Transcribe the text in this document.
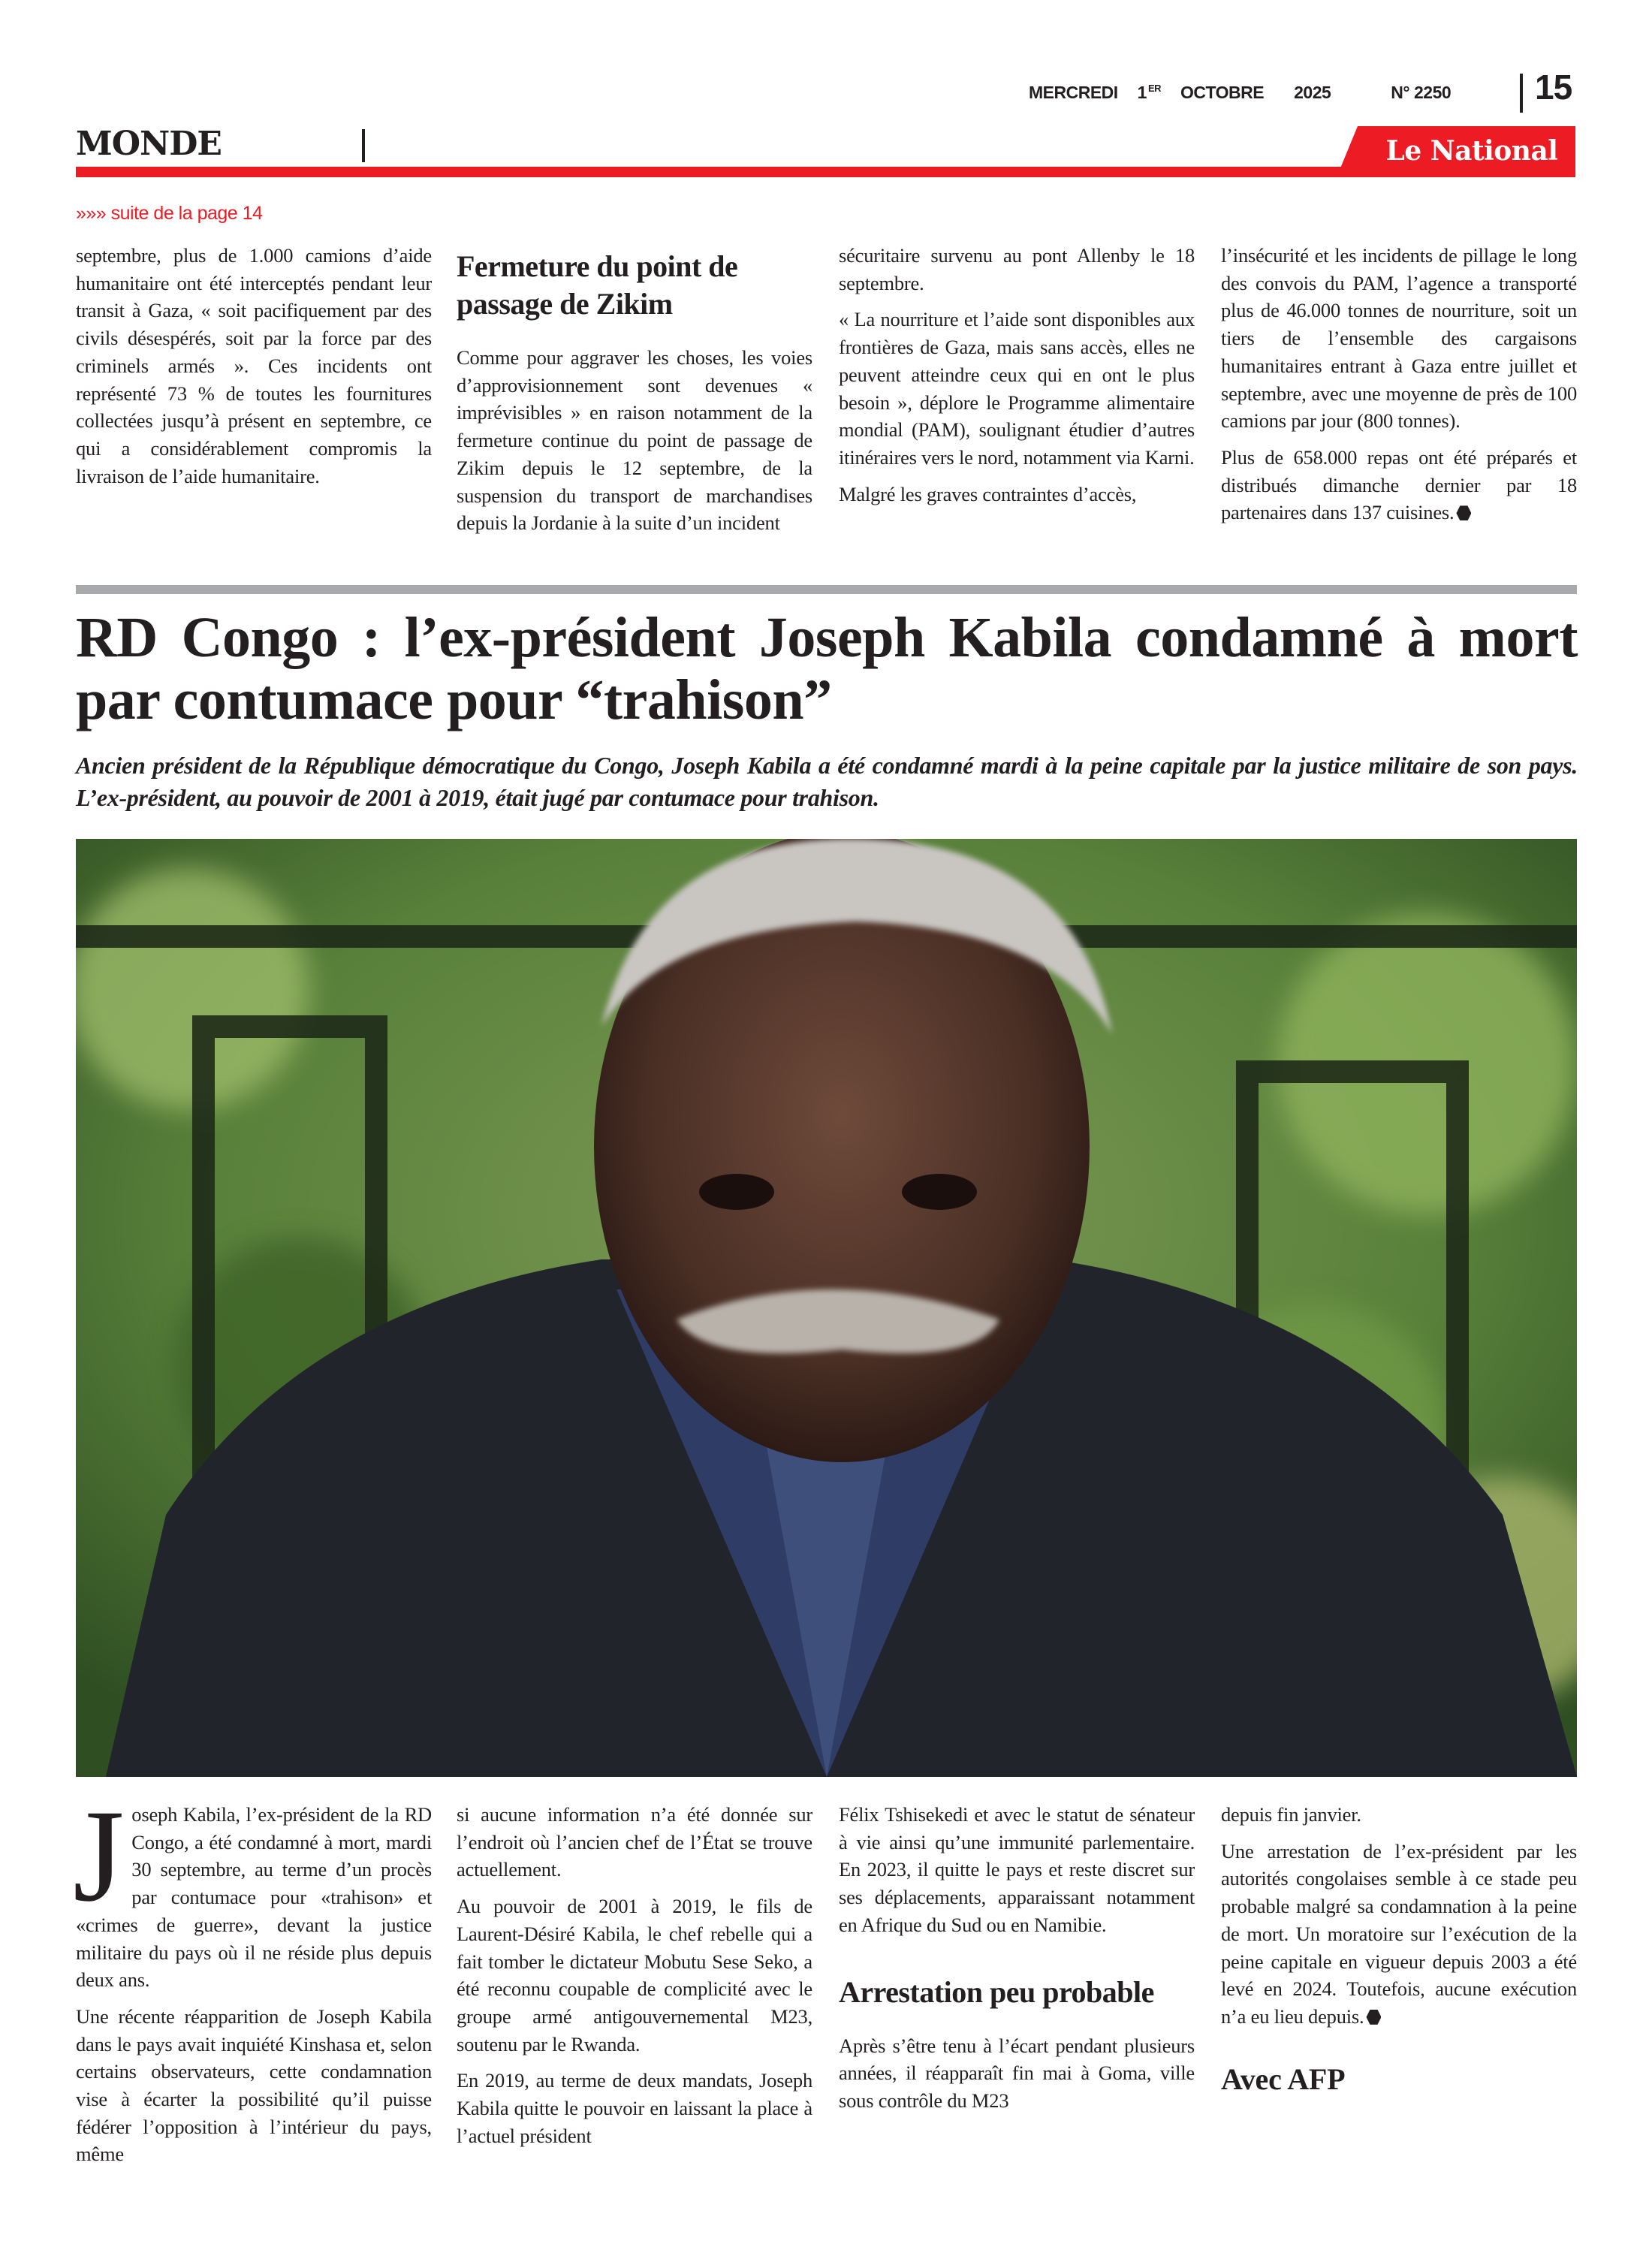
MERCREDI 1 $^{ER}$ OCTOBRE 2025	N° 2250 15
MONDE	Le National
»»» suite de la page 14

septembre, plus de 1.000 camions d’aide humanitaire ont été interceptés pendant leur transit à Gaza, « soit pacifiquement par des civils désespérés, soit par la force par des criminels armés ». Ces incidents ont représenté 73 % de toutes les fournitures collectées jusqu’à présent en septembre, ce qui a considérablement compromis la livraison de l’aide humanitaire.

Fermeture du point de passage de Zikim

Comme pour aggraver les choses, les voies d’approvisionnement sont devenues « imprévisibles » en raison notamment de la fermeture continue du point de passage de Zikim depuis le 12 septembre, de la suspension du transport de marchandises depuis la Jordanie à la suite d’un incident

sécuritaire survenu au pont Allenby le 18 septembre.

« La nourriture et l’aide sont disponibles aux frontières de Gaza, mais sans accès, elles ne peuvent atteindre ceux qui en ont le plus besoin », déplore le Programme alimentaire mondial (PAM), soulignant étudier d’autres itinéraires vers le nord, notamment via Karni.

Malgré les graves contraintes d’accès,

l’insécurité et les incidents de pillage le long des convois du PAM, l’agence a transporté plus de 46.000 tonnes de nourriture, soit un tiers de l’ensemble des cargaisons humanitaires entrant à Gaza entre juillet et septembre, avec une moyenne de près de 100 camions par jour (800 tonnes).

Plus de 658.000 repas ont été préparés et distribués dimanche dernier par 18 partenaires dans 137 cuisines.

RD Congo : l’ex-président Joseph Kabila condamné à mort par contumace pour “trahison”
Ancien président de la République démocratique du Congo, Joseph Kabila a été condamné mardi à la peine capitale par la justice militaire de son pays. L’ex-président, au pouvoir de 2001 à 2019, était jugé par contumace pour trahison.

Joseph Kabila, l’ex-président de la RD Congo, a été condamné à mort, mardi 30 septembre, au terme d’un procès par contumace pour «trahison» et «crimes de guerre», devant la justice militaire du pays où il ne réside plus depuis deux ans.

Une récente réapparition de Joseph Kabila dans le pays avait inquiété Kinshasa et, selon certains observateurs, cette condamnation vise à écarter la possibilité qu’il puisse fédérer l’opposition à l’intérieur du pays, même

si aucune information n’a été donnée sur l’endroit où l’ancien chef de l’État se trouve actuellement.

Au pouvoir de 2001 à 2019, le fils de Laurent-Désiré Kabila, le chef rebelle qui a fait tomber le dictateur Mobutu Sese Seko, a été reconnu coupable de complicité avec le groupe armé antigouvernemental M23, soutenu par le Rwanda.

En 2019, au terme de deux mandats, Joseph Kabila quitte le pouvoir en laissant la place à l’actuel président

Félix Tshisekedi et avec le statut de sénateur à vie ainsi qu’une immunité parlementaire. En 2023, il quitte le pays et reste discret sur ses déplacements, apparaissant notamment en Afrique du Sud ou en Namibie.

Arrestation peu probable

Après s’être tenu à l’écart pendant plusieurs années, il réapparaît fin mai à Goma, ville sous contrôle du M23

depuis fin janvier.

Une arrestation de l’ex-président par les autorités congolaises semble à ce stade peu probable malgré sa condamnation à la peine de mort. Un moratoire sur l’exécution de la peine capitale en vigueur depuis 2003 a été levé en 2024. Toutefois, aucune exécution n’a eu lieu depuis.

Avec AFP
